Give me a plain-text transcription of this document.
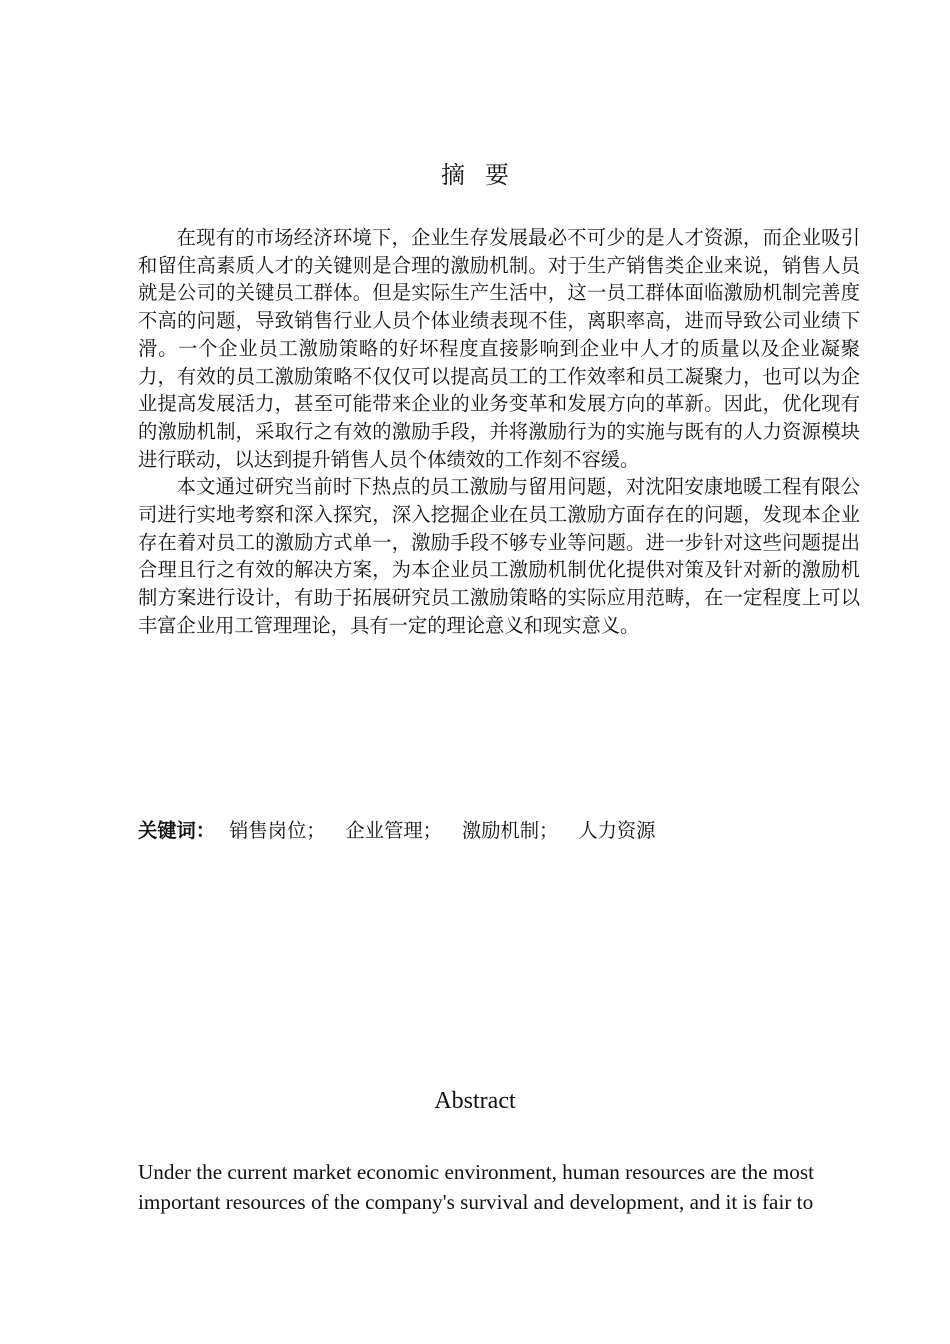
摘要

在现有的市场经济环境下，企业生存发展最必不可少的是人才资源，而企业吸引和留住高素质人才的关键则是合理的激励机制。对于生产销售类企业来说，销售人员就是公司的关键员工群体。但是实际生产生活中，这一员工群体面临激励机制完善度不高的问题，导致销售行业人员个体业绩表现不佳，离职率高，进而导致公司业绩下滑。一个企业员工激励策略的好坏程度直接影响到企业中人才的质量以及企业凝聚力，有效的员工激励策略不仅仅可以提高员工的工作效率和员工凝聚力，也可以为企业提高发展活力，甚至可能带来企业的业务变革和发展方向的革新。因此，优化现有的激励机制，采取行之有效的激励手段，并将激励行为的实施与既有的人力资源模块进行联动，以达到提升销售人员个体绩效的工作刻不容缓。

本文通过研究当前时下热点的员工激励与留用问题，对沈阳安康地暖工程有限公司进行实地考察和深入探究，深入挖掘企业在员工激励方面存在的问题，发现本企业存在着对员工的激励方式单一，激励手段不够专业等问题。进一步针对这些问题提出合理且行之有效的解决方案，为本企业员工激励机制优化提供对策及针对新的激励机制方案进行设计，有助于拓展研究员工激励策略的实际应用范畴，在一定程度上可以丰富企业用工管理理论，具有一定的理论意义和现实意义。

关键词： 销售岗位； 企业管理； 激励机制； 人力资源
Abstract

Under the current market economic environment, human resources are the most

important resources of the company's survival and development, and it is fair to
